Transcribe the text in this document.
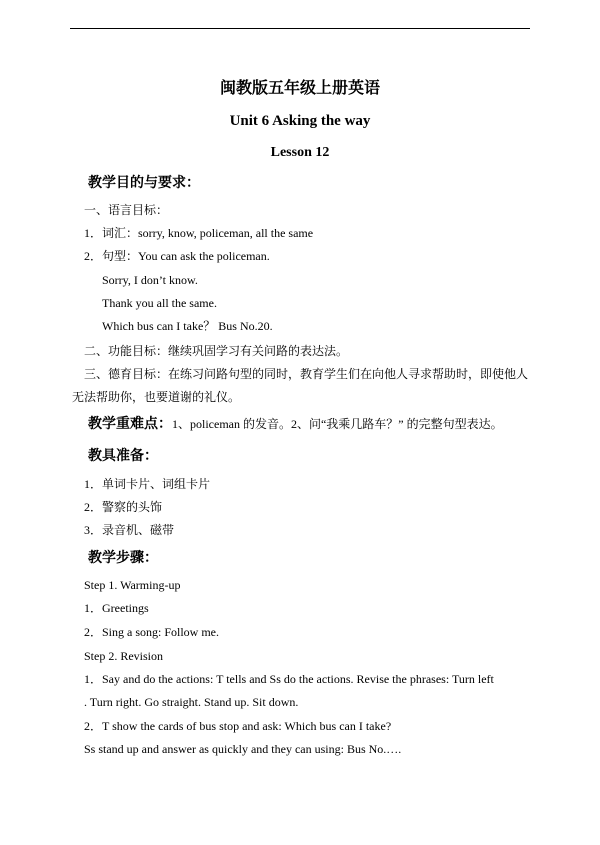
闽教版五年级上册英语
Unit 6 Asking the way
Lesson 12
教学目的与要求：
一、语言目标：
1．词汇：sorry, know, policeman, all the same
2．句型：You can ask the policeman.
Sorry, I don’t know.
Thank you all the same.
Which bus can I take？ Bus No.20.
二、功能目标：继续巩固学习有关问路的表达法。
三、德育目标：在练习问路句型的同时，教育学生们在向他人寻求帮助时，即使他人
无法帮助你，也要道谢的礼仪。
教学重难点：1、policeman 的发音。2、问“我乘几路车？” 的完整句型表达。
教具准备：
1．单词卡片、词组卡片
2．警察的头饰
3．录音机、磁带
教学步骤：
Step 1. Warming-up
1．Greetings
2．Sing a song: Follow me.
Step 2. Revision
1．Say and do the actions: T tells and Ss do the actions. Revise the phrases: Turn left
. Turn right. Go straight. Stand up. Sit down.
2．T show the cards of bus stop and ask: Which bus can I take?
Ss stand up and answer as quickly and they can using: Bus No.….
